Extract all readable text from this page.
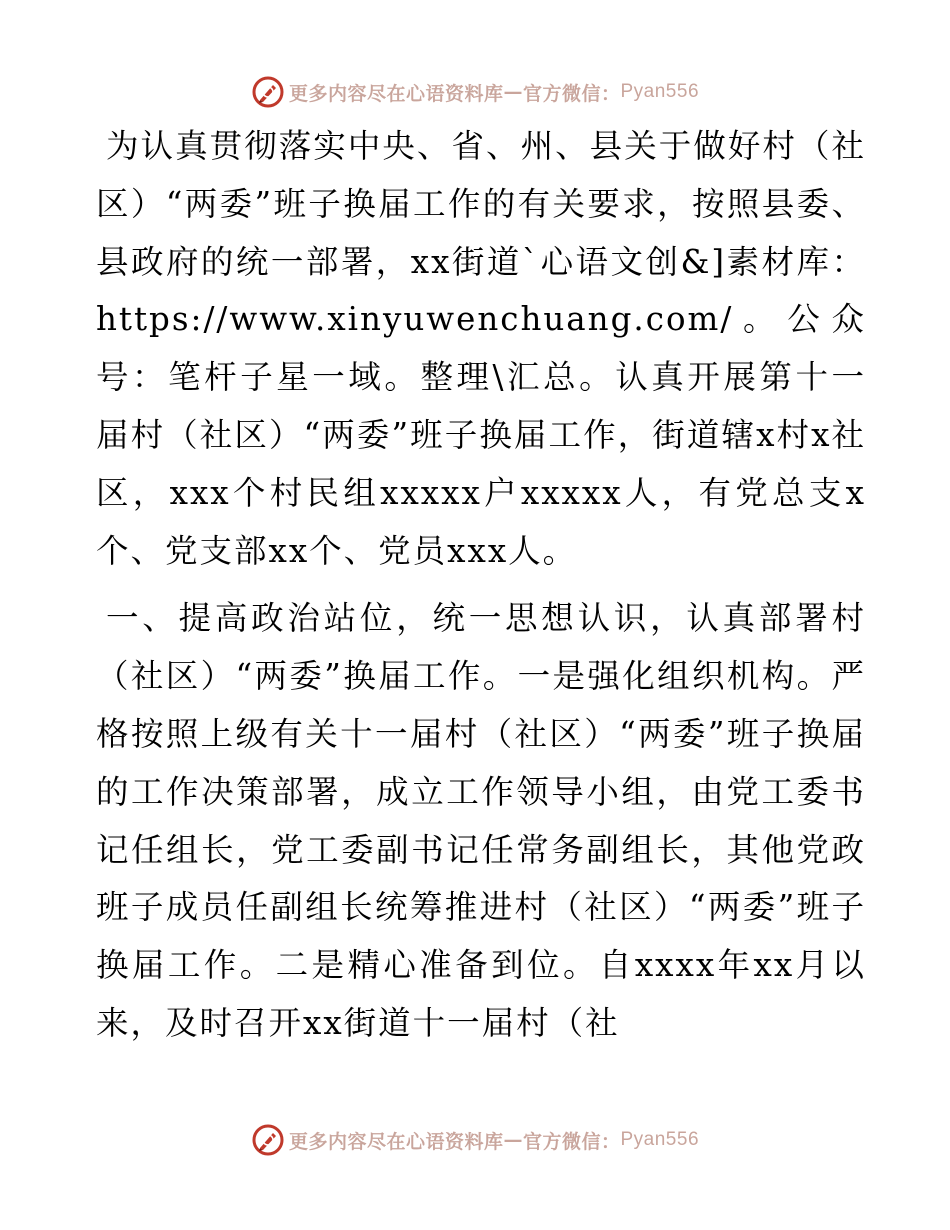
更多内容尽在心语资料库 — 官方微信： Pyan556

为认真贯彻落实中央、省、州、县关于做好村（社区）“两委”班子换届工作的有关要求，按照县委、县政府的统一部署，xx街道`心语文创&]素材库：https://www.xinyuwenchuang.com/。公众号：笔杆子星一域。整理\汇总。认真开展第十一届村（社区）“两委”班子换届工作，街道辖x村x社区，xxx个村民组xxxxx户xxxxx人，有党总支x个、党支部xx个、党员xxx人。

一、提高政治站位，统一思想认识，认真部署村（社区）“两委”换届工作。一是强化组织机构。严格按照上级有关十一届村（社区）“两委”班子换届的工作决策部署，成立工作领导小组，由党工委书记任组长，党工委副书记任常务副组长，其他党政班子成员任副组长统筹推进村（社区）“两委”班子换届工作。二是精心准备到位。自xxxx年xx月以来，及时召开xx街道十一届村（社

更多内容尽在心语资料库 — 官方微信： Pyan556
